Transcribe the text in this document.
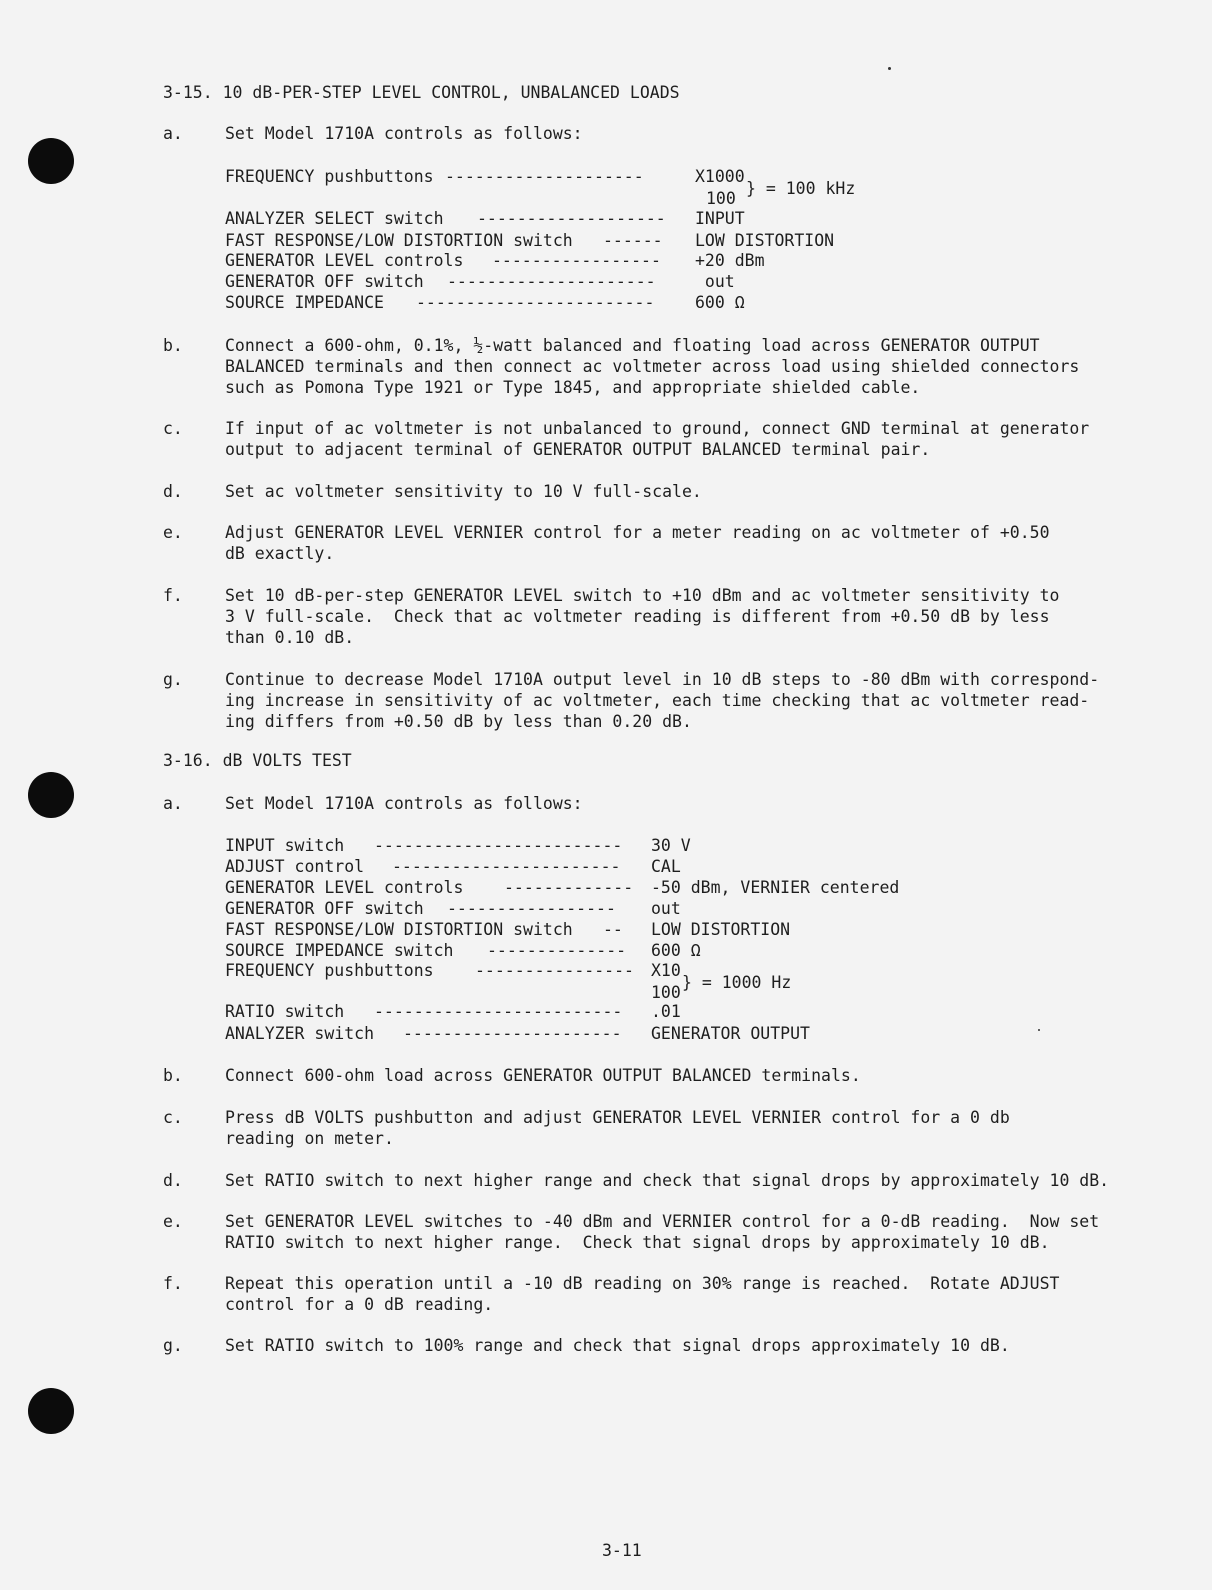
3-15. 10 dB-PER-STEP LEVEL CONTROL, UNBALANCED LOADS
a.	Set Model 1710A controls as follows:
FREQUENCY pushbuttons --------------------	X1000
100
} = 100 kHz
ANALYZER SELECT switch ------------------- INPUT
FAST RESPONSE/LOW DISTORTION switch ------ LOW DISTORTION
GENERATOR LEVEL controls ----------------- +20 dBm
GENERATOR OFF switch --------------------- out
SOURCE IMPEDANCE ------------------------ 600 Ω
b.	Connect a 600-ohm, 0.1%, ½-watt balanced and floating load across GENERATOR OUTPUT
BALANCED terminals and then connect ac voltmeter across load using shielded connectors
such as Pomona Type 1921 or Type 1845, and appropriate shielded cable.
c.	If input of ac voltmeter is not unbalanced to ground, connect GND terminal at generator
output to adjacent terminal of GENERATOR OUTPUT BALANCED terminal pair.
d.	Set ac voltmeter sensitivity to 10 V full-scale.
e.	Adjust GENERATOR LEVEL VERNIER control for a meter reading on ac voltmeter of +0.50
dB exactly.
f.	Set 10 dB-per-step GENERATOR LEVEL switch to +10 dBm and ac voltmeter sensitivity to
3 V full-scale.  Check that ac voltmeter reading is different from +0.50 dB by less
than 0.10 dB.
g.	Continue to decrease Model 1710A output level in 10 dB steps to -80 dBm with correspond-
ing increase in sensitivity of ac voltmeter, each time checking that ac voltmeter read-
ing differs from +0.50 dB by less than 0.20 dB.
3-16. dB VOLTS TEST
a.	Set Model 1710A controls as follows:
INPUT switch ------------------------- 30 V
ADJUST control ----------------------- CAL
GENERATOR LEVEL controls ------------- -50 dBm, VERNIER centered
GENERATOR OFF switch ----------------- out
FAST RESPONSE/LOW DISTORTION switch -- LOW DISTORTION
SOURCE IMPEDANCE switch -------------- 600 Ω
FREQUENCY pushbuttons	---------------- X10
100
} = 1000 Hz
RATIO switch ------------------------- .01
ANALYZER switch ---------------------- GENERATOR OUTPUT
b.	Connect 600-ohm load across GENERATOR OUTPUT BALANCED terminals.
c.	Press dB VOLTS pushbutton and adjust GENERATOR LEVEL VERNIER control for a 0 db
reading on meter.
d.	Set RATIO switch to next higher range and check that signal drops by approximately 10 dB.
e.	Set GENERATOR LEVEL switches to -40 dBm and VERNIER control for a 0-dB reading.  Now set
RATIO switch to next higher range.  Check that signal drops by approximately 10 dB.
f.	Repeat this operation until a -10 dB reading on 30% range is reached.  Rotate ADJUST
control for a 0 dB reading.
g.	Set RATIO switch to 100% range and check that signal drops approximately 10 dB.
3-11
